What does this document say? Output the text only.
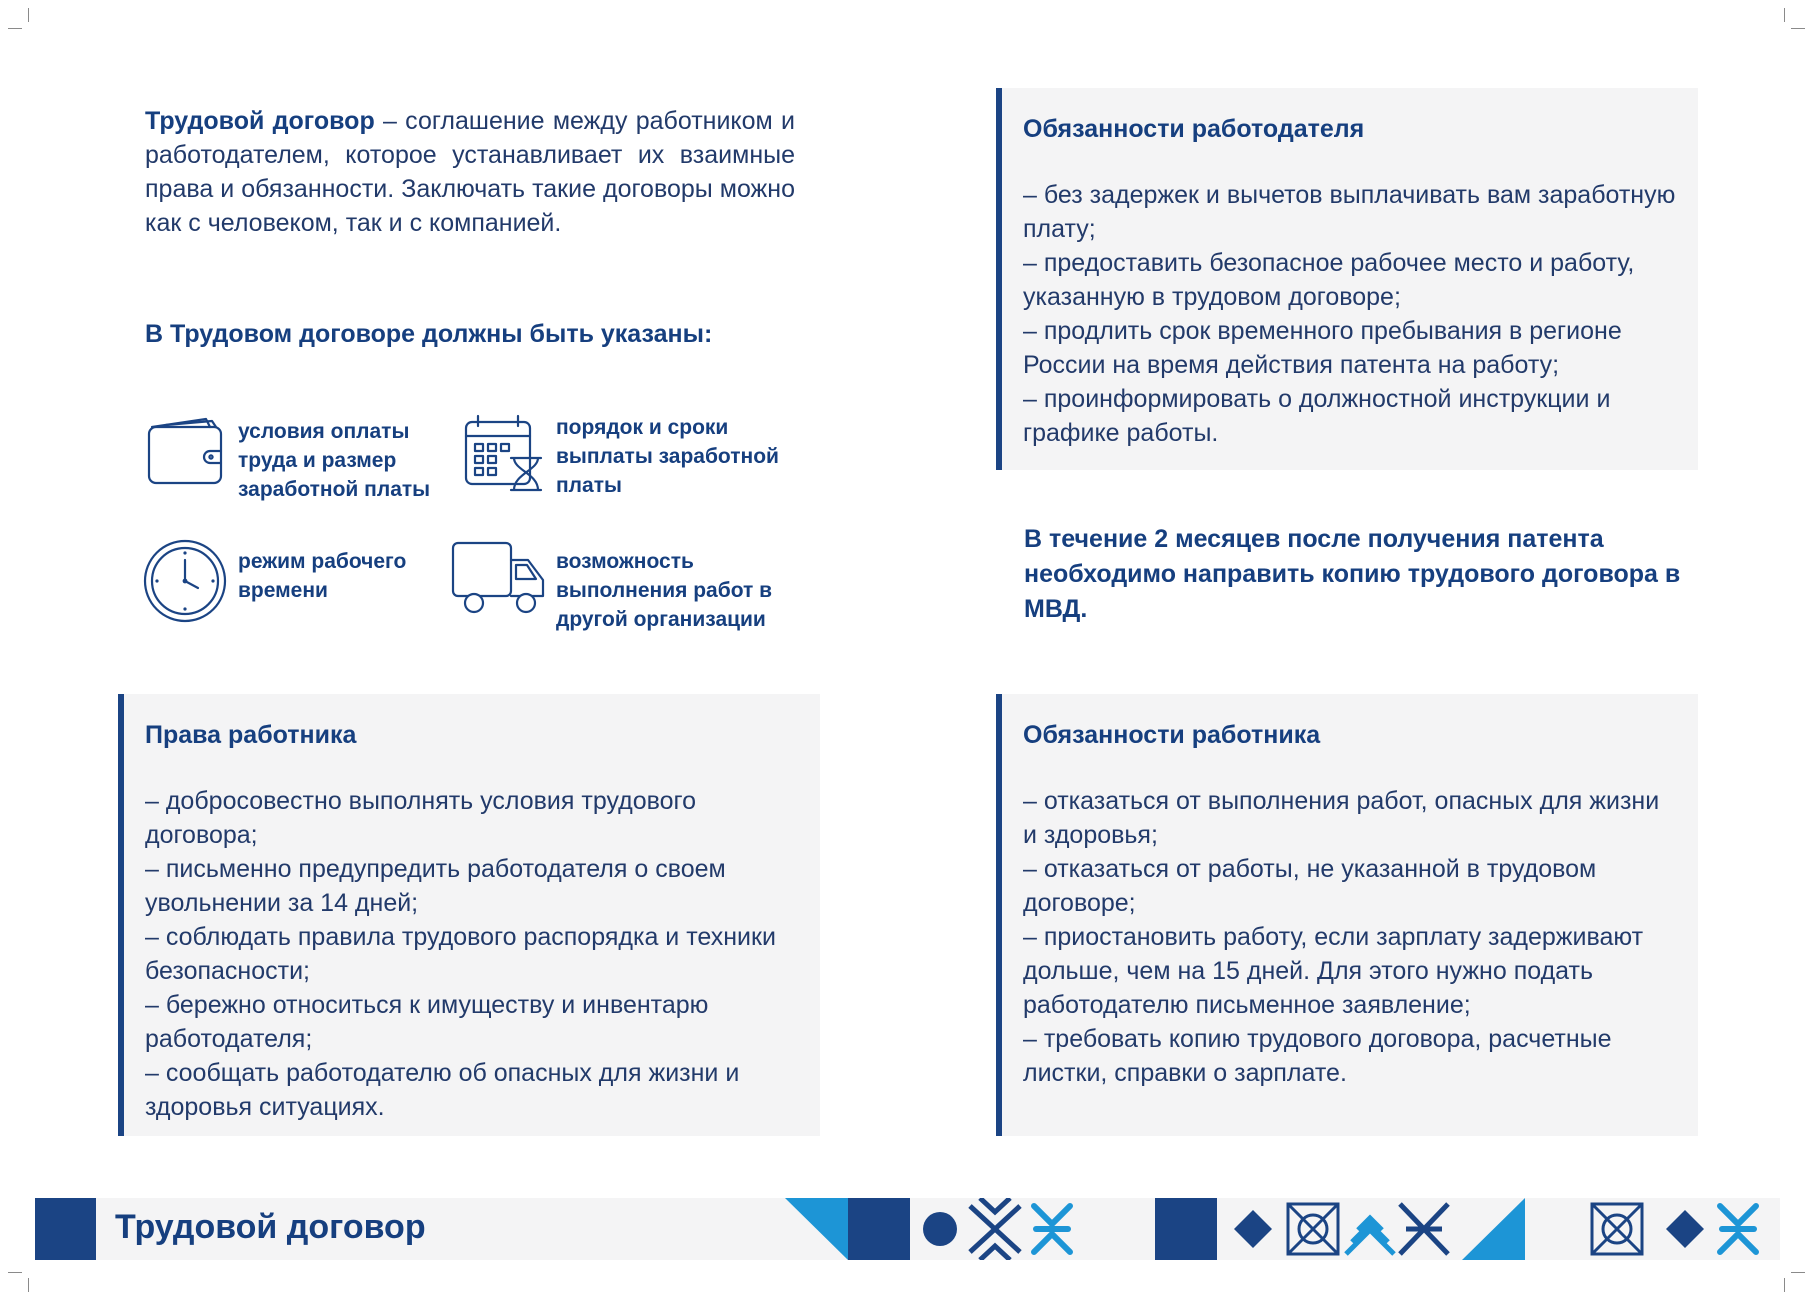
Трудовой договор – соглашение между работником и работодателем, которое устанавливает их взаимные права и обязанности. Заключать такие договоры можно как с человеком, так и с компанией.
В Трудовом договоре должны быть указаны:
условия оплаты труда и размер заработной платы
порядок и сроки выплаты заработной платы
режим рабочего времени
возможность выполнения работ в другой организации
Обязанности работодателя
– без задержек и вычетов выплачивать вам заработную плату;
– предоставить безопасное рабочее место и работу, указанную в трудовом договоре;
– продлить срок временного пребывания в регионе России на время действия патента на работу;
– проинформировать о должностной инструкции и графике работы.
В течение 2 месяцев после получения патента необходимо направить копию трудового договора в МВД.
Права работника
– добросовестно выполнять условия трудового договора;
– письменно предупредить работодателя о своем увольнении за 14 дней;
– соблюдать правила трудового распорядка и техники безопасности;
– бережно относиться к имуществу и инвентарю работодателя;
– сообщать работодателю об опасных для жизни и здоровья ситуациях.
Обязанности работника
– отказаться от выполнения работ, опасных для жизни и здоровья;
– отказаться от работы, не указанной в трудовом договоре;
– приостановить работу, если зарплату задерживают дольше, чем на 15 дней. Для этого нужно подать работодателю письменное заявление;
– требовать копию трудового договора, расчетные листки, справки о зарплате.
Трудовой договор
